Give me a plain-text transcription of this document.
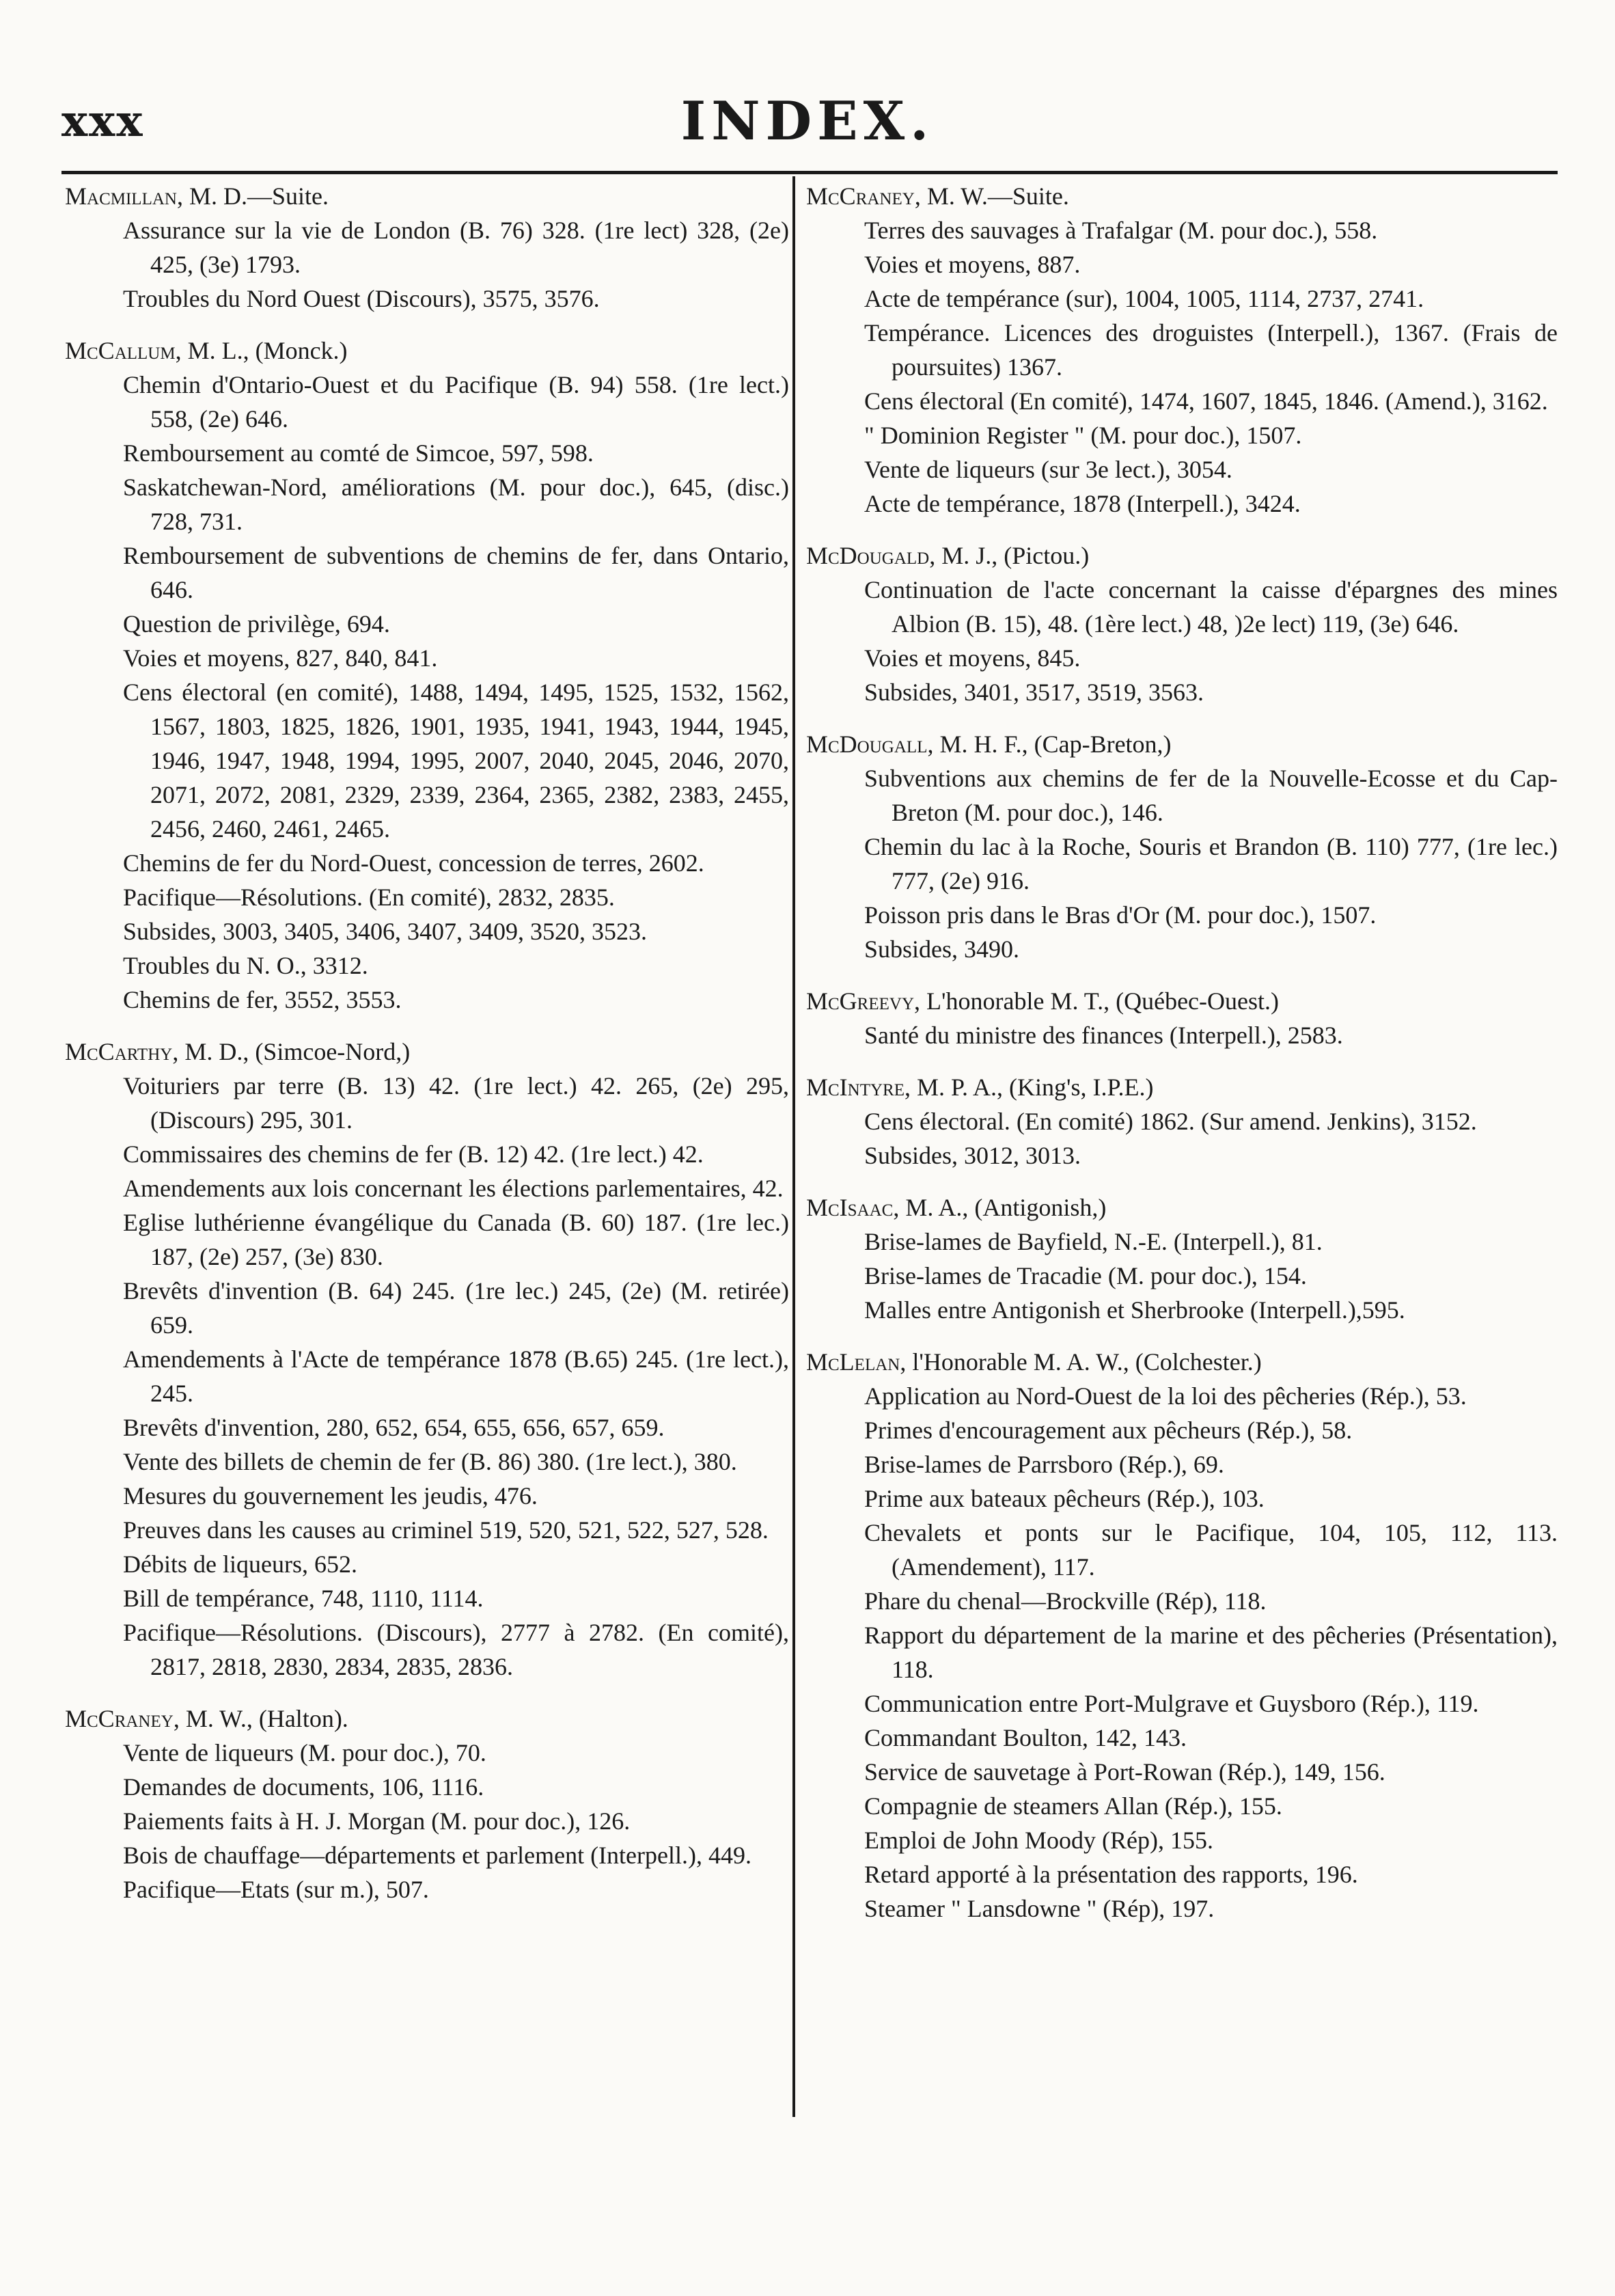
xxx	INDEX.
Macmillan, M. D.—Suite.
Assurance sur la vie de London (B. 76) 328. (1re lect) 328, (2e) 425, (3e) 1793.
Troubles du Nord Ouest (Discours), 3575, 3576.
McCallum, M. L., (Monck.)
Chemin d'Ontario-Ouest et du Pacifique (B. 94) 558. (1re lect.) 558, (2e) 646.
Remboursement au comté de Simcoe, 597, 598.
Saskatchewan-Nord, améliorations (M. pour doc.), 645, (disc.) 728, 731.
Remboursement de subventions de chemins de fer, dans Ontario, 646.
Question de privilège, 694.
Voies et moyens, 827, 840, 841.
Cens électoral (en comité), 1488, 1494, 1495, 1525, 1532, 1562, 1567, 1803, 1825, 1826, 1901, 1935, 1941, 1943, 1944, 1945, 1946, 1947, 1948, 1994, 1995, 2007, 2040, 2045, 2046, 2070, 2071, 2072, 2081, 2329, 2339, 2364, 2365, 2382, 2383, 2455, 2456, 2460, 2461, 2465.
Chemins de fer du Nord-Ouest, concession de terres, 2602.
Pacifique—Résolutions. (En comité), 2832, 2835.
Subsides, 3003, 3405, 3406, 3407, 3409, 3520, 3523.
Troubles du N. O., 3312.
Chemins de fer, 3552, 3553.
McCarthy, M. D., (Simcoe-Nord,)
Voituriers par terre (B. 13) 42. (1re lect.) 42. 265, (2e) 295, (Discours) 295, 301.
Commissaires des chemins de fer (B. 12) 42. (1re lect.) 42.
Amendements aux lois concernant les élections parlementaires, 42.
Eglise luthérienne évangélique du Canada (B. 60) 187. (1re lec.) 187, (2e) 257, (3e) 830.
Brevêts d'invention (B. 64) 245. (1re lec.) 245, (2e) (M. retirée) 659.
Amendements à l'Acte de tempérance 1878 (B.65) 245. (1re lect.), 245.
Brevêts d'invention, 280, 652, 654, 655, 656, 657, 659.
Vente des billets de chemin de fer (B. 86) 380. (1re lect.), 380.
Mesures du gouvernement les jeudis, 476.
Preuves dans les causes au criminel 519, 520, 521, 522, 527, 528.
Débits de liqueurs, 652.
Bill de tempérance, 748, 1110, 1114.
Pacifique—Résolutions. (Discours), 2777 à 2782. (En comité), 2817, 2818, 2830, 2834, 2835, 2836.
McCraney, M. W., (Halton).
Vente de liqueurs (M. pour doc.), 70.
Demandes de documents, 106, 1116.
Paiements faits à H. J. Morgan (M. pour doc.), 126.
Bois de chauffage—départements et parlement (Interpell.), 449.
Pacifique—Etats (sur m.), 507.
McCraney, M. W.—Suite.
Terres des sauvages à Trafalgar (M. pour doc.), 558.
Voies et moyens, 887.
Acte de tempérance (sur), 1004, 1005, 1114, 2737, 2741.
Tempérance. Licences des droguistes (Interpell.), 1367. (Frais de poursuites) 1367.
Cens électoral (En comité), 1474, 1607, 1845, 1846. (Amend.), 3162.
" Dominion Register " (M. pour doc.), 1507.
Vente de liqueurs (sur 3e lect.), 3054.
Acte de tempérance, 1878 (Interpell.), 3424.
McDougald, M. J., (Pictou.)
Continuation de l'acte concernant la caisse d'épargnes des mines Albion (B. 15), 48. (1ère lect.) 48, )2e lect) 119, (3e) 646.
Voies et moyens, 845.
Subsides, 3401, 3517, 3519, 3563.
McDougall, M. H. F., (Cap-Breton,)
Subventions aux chemins de fer de la Nouvelle-Ecosse et du Cap-Breton (M. pour doc.), 146.
Chemin du lac à la Roche, Souris et Brandon (B. 110) 777, (1re lec.) 777, (2e) 916.
Poisson pris dans le Bras d'Or (M. pour doc.), 1507.
Subsides, 3490.
McGreevy, L'honorable M. T., (Québec-Ouest.)
Santé du ministre des finances (Interpell.), 2583.
McIntyre, M. P. A., (King's, I.P.E.)
Cens électoral. (En comité) 1862. (Sur amend. Jenkins), 3152.
Subsides, 3012, 3013.
McIsaac, M. A., (Antigonish,)
Brise-lames de Bayfield, N.-E. (Interpell.), 81.
Brise-lames de Tracadie (M. pour doc.), 154.
Malles entre Antigonish et Sherbrooke (Interpell.),595.
McLelan, l'Honorable M. A. W., (Colchester.)
Application au Nord-Ouest de la loi des pêcheries (Rép.), 53.
Primes d'encouragement aux pêcheurs (Rép.), 58.
Brise-lames de Parrsboro (Rép.), 69.
Prime aux bateaux pêcheurs (Rép.), 103.
Chevalets et ponts sur le Pacifique, 104, 105, 112, 113. (Amendement), 117.
Phare du chenal—Brockville (Rép), 118.
Rapport du département de la marine et des pêcheries (Présentation), 118.
Communication entre Port-Mulgrave et Guysboro (Rép.), 119.
Commandant Boulton, 142, 143.
Service de sauvetage à Port-Rowan (Rép.), 149, 156.
Compagnie de steamers Allan (Rép.), 155.
Emploi de John Moody (Rép), 155.
Retard apporté à la présentation des rapports, 196.
Steamer " Lansdowne " (Rép), 197.
